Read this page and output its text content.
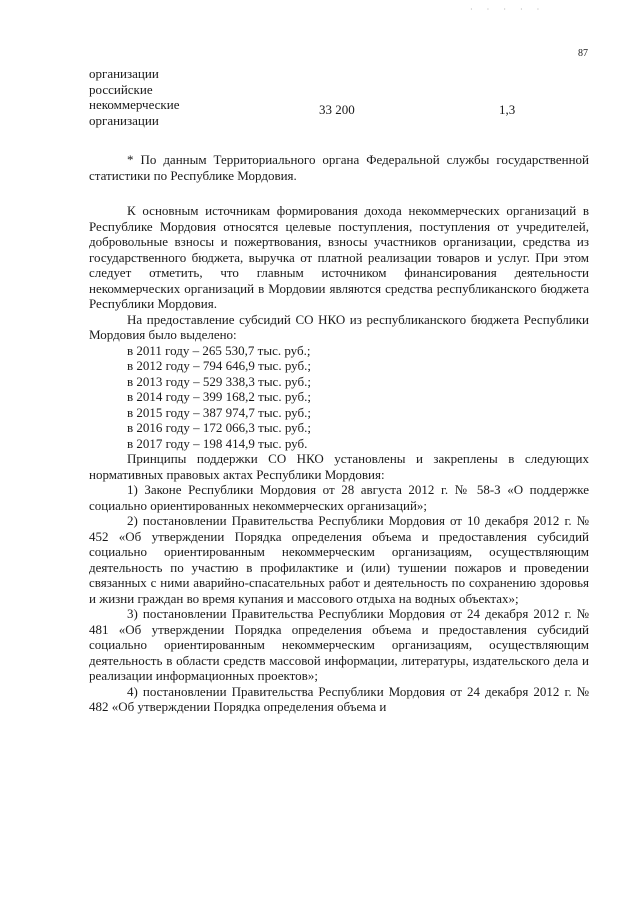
· · · · ·
87
организации
российские
некоммерческие
организации
33 200	1,3

* По данным Территориального органа Федеральной службы государственной статистики по Республике Мордовия.

К основным источникам формирования дохода некоммерческих организаций в Республике Мордовия относятся целевые поступления, поступления от учредителей, добровольные взносы и пожертвования, взносы участников организации, средства из государственного бюджета, выручка от платной реализации товаров и услуг. При этом следует отметить, что главным источником финансирования деятельности некоммерческих организаций в Мордовии являются средства республиканского бюджета Республики Мордовия.

На предоставление субсидий СО НКО из республиканского бюджета Республики Мордовия было выделено:

в 2011 году – 265 530,7 тыс. руб.;
в 2012 году – 794 646,9 тыс. руб.;
в 2013 году – 529 338,3 тыс. руб.;
в 2014 году – 399 168,2 тыс. руб.;
в 2015 году – 387 974,7 тыс. руб.;
в 2016 году – 172 066,3 тыс. руб.;
в 2017 году – 198 414,9 тыс. руб.

Принципы поддержки СО НКО установлены и закреплены в следующих нормативных правовых актах Республики Мордовия:

1) Законе Республики Мордовия от 28 августа 2012 г. № 58-З «О поддержке социально ориентированных некоммерческих организаций»;

2) постановлении Правительства Республики Мордовия от 10 декабря 2012 г. № 452 «Об утверждении Порядка определения объема и предоставления субсидий социально ориентированным некоммерческим организациям, осуществляющим деятельность по участию в профилактике и (или) тушении пожаров и проведении связанных с ними аварийно-спасательных работ и деятельность по сохранению здоровья и жизни граждан во время купания и массового отдыха на водных объектах»;

3) постановлении Правительства Республики Мордовия от 24 декабря 2012 г. № 481 «Об утверждении Порядка определения объема и предоставления субсидий социально ориентированным некоммерческим организациям, осуществляющим деятельность в области средств массовой информации, литературы, издательского дела и реализации информационных проектов»;

4) постановлении Правительства Республики Мордовия от 24 декабря 2012 г. № 482 «Об утверждении Порядка определения объема и
